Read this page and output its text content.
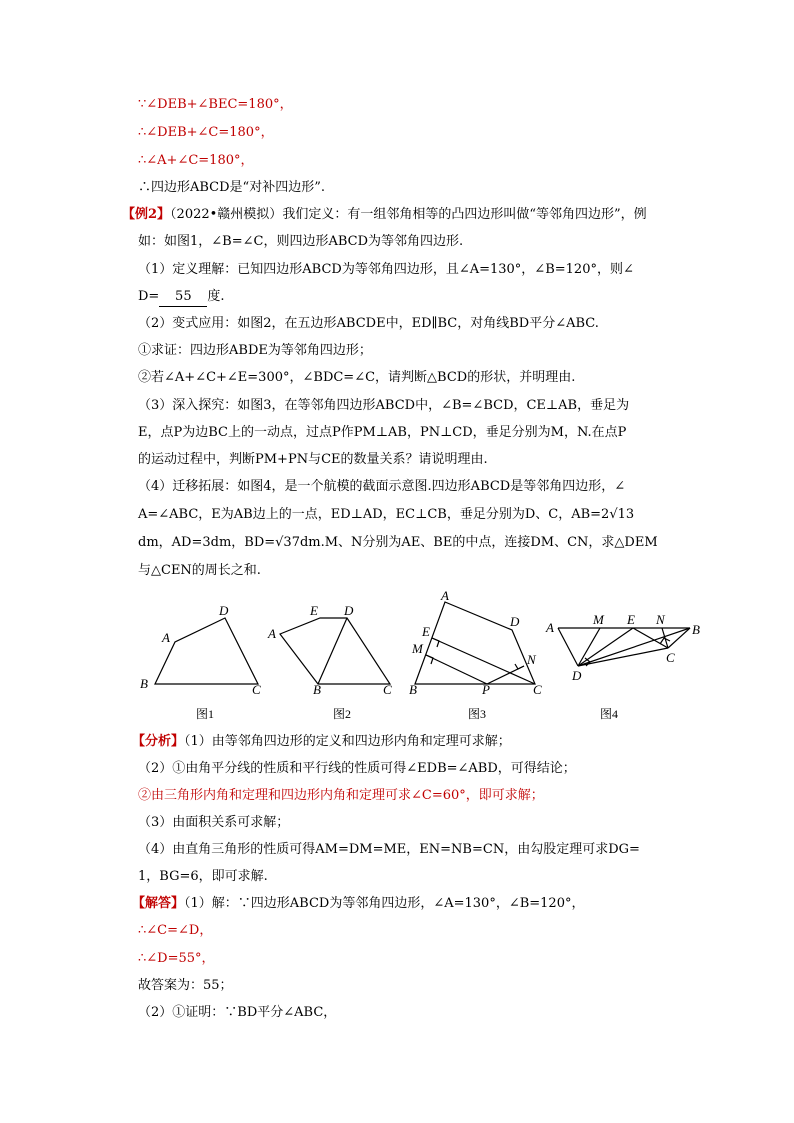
∵∠DEB+∠BEC=180°，
∴∠DEB+∠C=180°，
∴∠A+∠C=180°，
∴四边形ABCD是“对补四边形”.
【例2】（2022•赣州模拟）我们定义：有一组邻角相等的凸四边形叫做“等邻角四边形”，例
如：如图1，∠B=∠C，则四边形ABCD为等邻角四边形.
（1）定义理解：已知四边形ABCD为等邻角四边形，且∠A=130°，∠B=120°，则∠
D= 55 度.
（2）变式应用：如图2，在五边形ABCDE中，ED∥BC，对角线BD平分∠ABC.
①求证：四边形ABDE为等邻角四边形；
②若∠A+∠C+∠E=300°，∠BDC=∠C，请判断△BCD的形状，并明理由.
（3）深入探究：如图3，在等邻角四边形ABCD中，∠B=∠BCD，CE⊥AB，垂足为
E，点P为边BC上的一动点，过点P作PM⊥AB，PN⊥CD，垂足分别为M，N.在点P
的运动过程中，判断PM+PN与CE的数量关系？请说明理由.
（4）迁移拓展：如图4，是一个航模的截面示意图.四边形ABCD是等邻角四边形，∠
A=∠ABC，E为AB边上的一点，ED⊥AD，EC⊥CB，垂足分别为D、C，AB=2√13
dm，AD=3dm，BD=√37dm.M、N分别为AE、BE的中点，连接DM、CN，求△DEM
与△CEN的周长之和.
A
B	C
D
图1
A
B	C
D
E
图2
A
B	C
D
E
M
N
P
图3
A	B
C
D
M E N
图4
【分析】（1）由等邻角四边形的定义和四边形内角和定理可求解；
（2）①由角平分线的性质和平行线的性质可得∠EDB=∠ABD，可得结论；
②由三角形内角和定理和四边形内角和定理可求∠C=60°，即可求解；
（3）由面积关系可求解；
（4）由直角三角形的性质可得AM=DM=ME，EN=NB=CN，由勾股定理可求DG=
1，BG=6，即可求解.
【解答】（1）解：∵四边形ABCD为等邻角四边形，∠A=130°，∠B=120°，
∴∠C=∠D，
∴∠D=55°，
故答案为：55；
（2）①证明：∵BD平分∠ABC，
